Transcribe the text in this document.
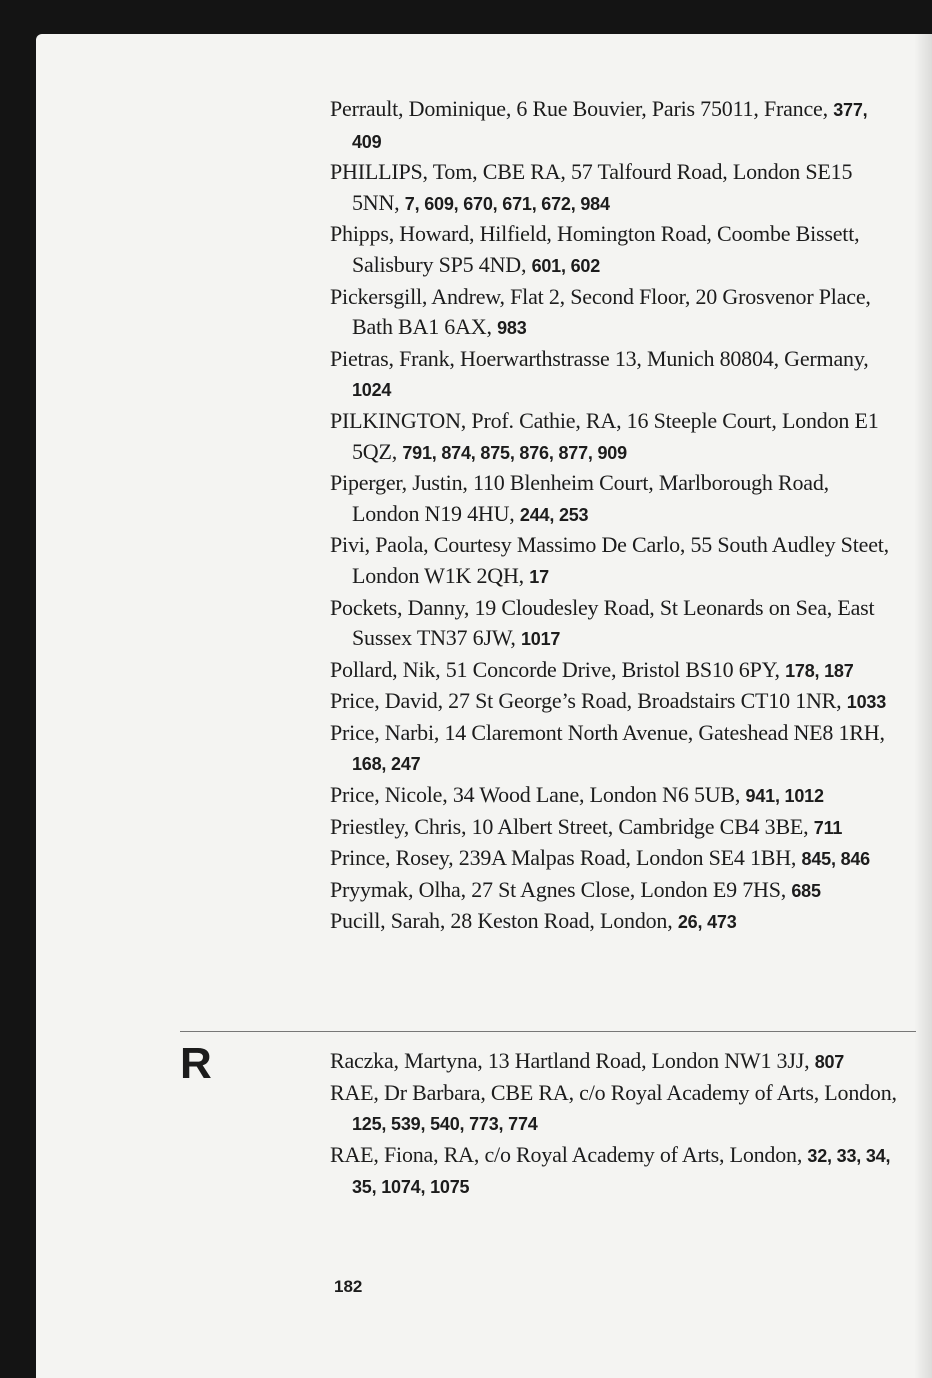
Perrault, Dominique, 6 Rue Bouvier, Paris 75011, France, 377, 409

PHILLIPS, Tom, CBE RA, 57 Talfourd Road, London SE15 5NN, 7, 609, 670, 671, 672, 984

Phipps, Howard, Hilfield, Homington Road, Coombe Bissett, Salisbury SP5 4ND, 601, 602

Pickersgill, Andrew, Flat 2, Second Floor, 20 Grosvenor Place, Bath BA1 6AX, 983

Pietras, Frank, Hoerwarthstrasse 13, Munich 80804, Germany, 1024

PILKINGTON, Prof. Cathie, RA, 16 Steeple Court, London E1 5QZ, 791, 874, 875, 876, 877, 909

Piperger, Justin, 110 Blenheim Court, Marlborough Road, London N19 4HU, 244, 253

Pivi, Paola, Courtesy Massimo De Carlo, 55 South Audley Steet, London W1K 2QH, 17

Pockets, Danny, 19 Cloudesley Road, St Leonards on Sea, East Sussex TN37 6JW, 1017

Pollard, Nik, 51 Concorde Drive, Bristol BS10 6PY, 178, 187

Price, David, 27 St George’s Road, Broadstairs CT10 1NR, 1033

Price, Narbi, 14 Claremont North Avenue, Gateshead NE8 1RH, 168, 247

Price, Nicole, 34 Wood Lane, London N6 5UB, 941, 1012

Priestley, Chris, 10 Albert Street, Cambridge CB4 3BE, 711

Prince, Rosey, 239A Malpas Road, London SE4 1BH, 845, 846

Pryymak, Olha, 27 St Agnes Close, London E9 7HS, 685

Pucill, Sarah, 28 Keston Road, London, 26, 473

R	Raczka, Martyna, 13 Hartland Road, London NW1 3JJ, 807

RAE, Dr Barbara, CBE RA, c/o Royal Academy of Arts, London, 125, 539, 540, 773, 774

RAE, Fiona, RA, c/o Royal Academy of Arts, London, 32, 33, 34, 35, 1074, 1075

182
